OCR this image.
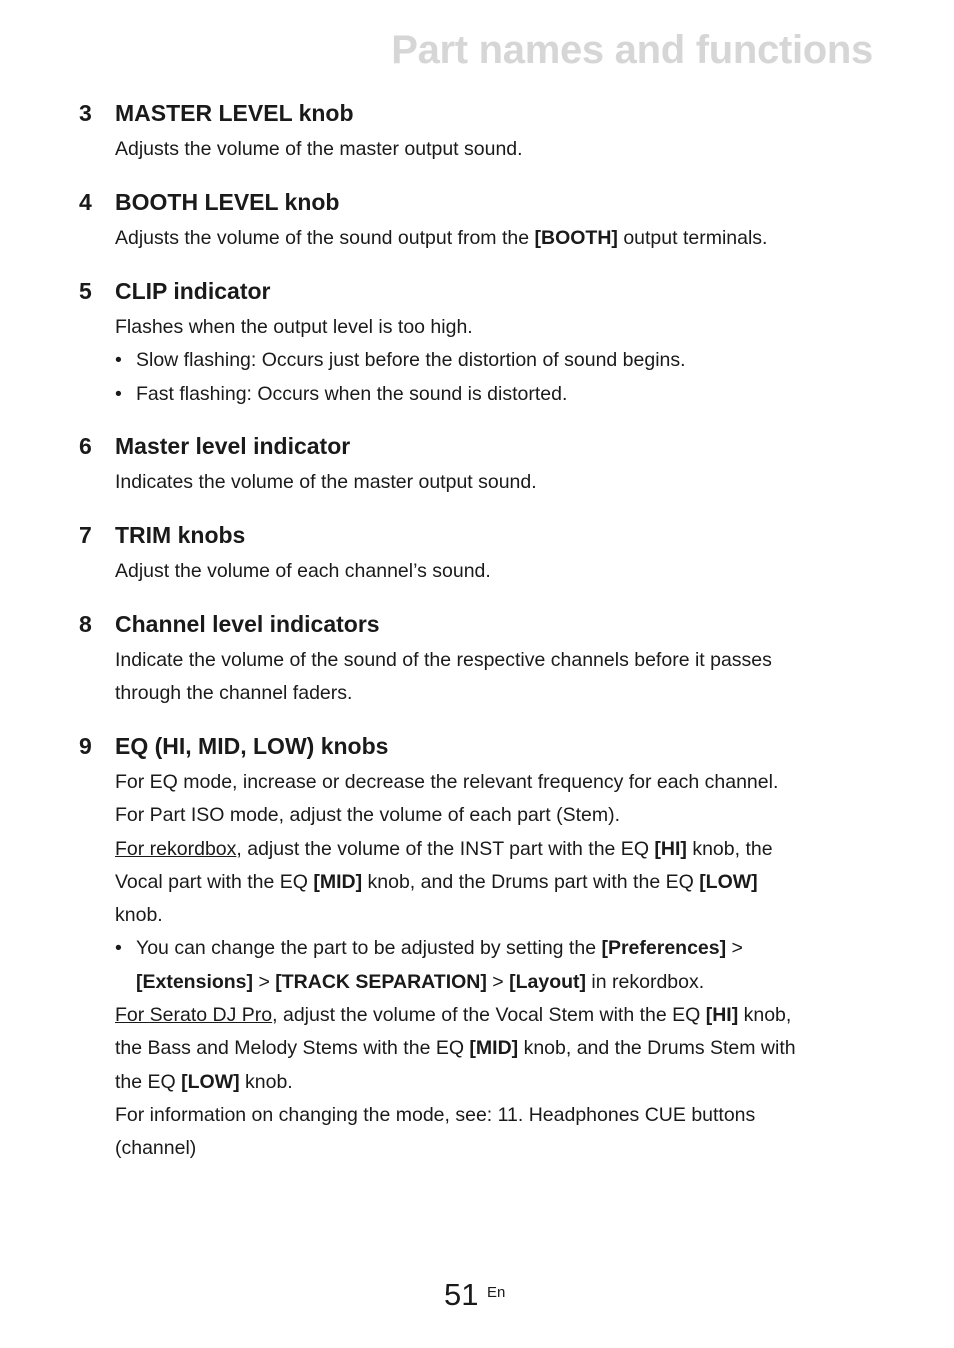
Part names and functions
3 MASTER LEVEL knob
Adjusts the volume of the master output sound.
4 BOOTH LEVEL knob
Adjusts the volume of the sound output from the [BOOTH] output terminals.
5 CLIP indicator
Flashes when the output level is too high.
• Slow flashing: Occurs just before the distortion of sound begins.
• Fast flashing: Occurs when the sound is distorted.
6 Master level indicator
Indicates the volume of the master output sound.
7 TRIM knobs
Adjust the volume of each channel’s sound.
8 Channel level indicators
Indicate the volume of the sound of the respective channels before it passes
through the channel faders.
9 EQ (HI, MID, LOW) knobs
For EQ mode, increase or decrease the relevant frequency for each channel.
For Part ISO mode, adjust the volume of each part (Stem).
For rekordbox, adjust the volume of the INST part with the EQ [HI] knob, the
Vocal part with the EQ [MID] knob, and the Drums part with the EQ [LOW]
knob.
• You can change the part to be adjusted by setting the [Preferences] >
[Extensions] > [TRACK SEPARATION] > [Layout] in rekordbox.
For Serato DJ Pro, adjust the volume of the Vocal Stem with the EQ [HI] knob,
the Bass and Melody Stems with the EQ [MID] knob, and the Drums Stem with
the EQ [LOW] knob.
For information on changing the mode, see: 11. Headphones CUE buttons
(channel)
51 En
